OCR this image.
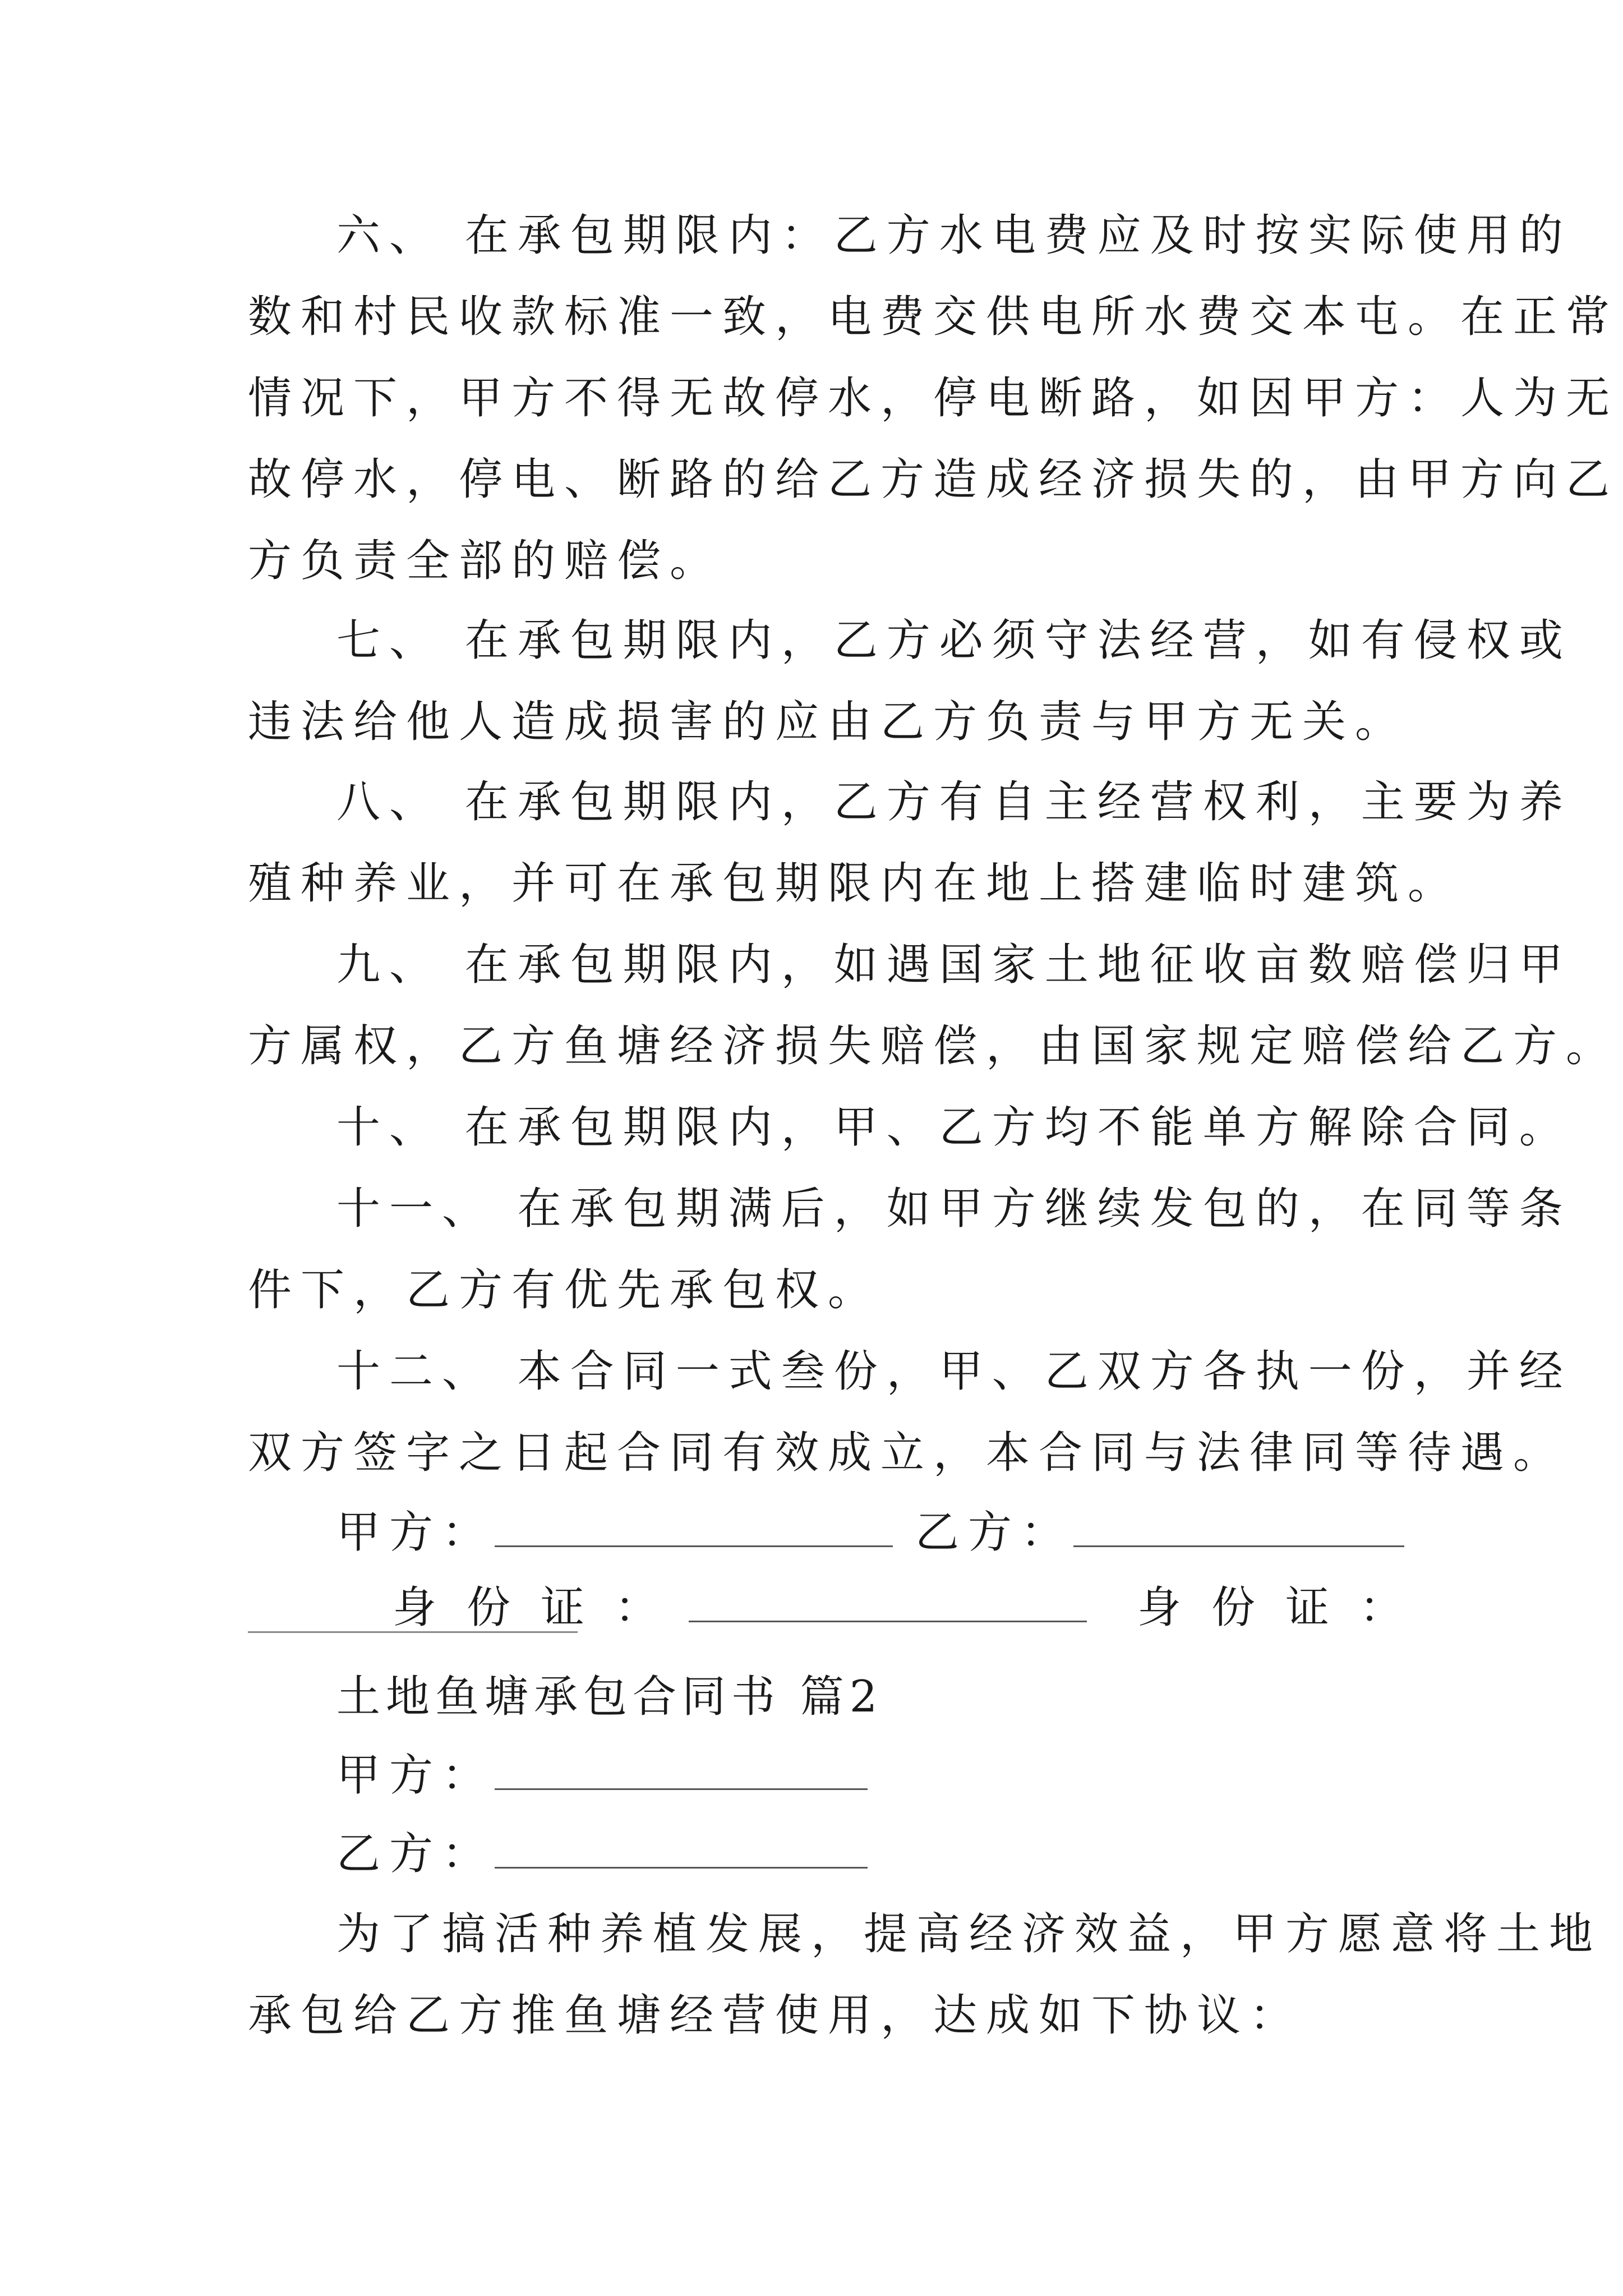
六、 在承包期限内：乙方水电费应及时按实际使用的
数和村民收款标准一致，电费交供电所水费交本屯。在正常
情况下，甲方不得无故停水，停电断路，如因甲方：人为无
故停水，停电、断路的给乙方造成经济损失的，由甲方向乙
方负责全部的赔偿。
七、 在承包期限内，乙方必须守法经营，如有侵权或
违法给他人造成损害的应由乙方负责与甲方无关。
八、 在承包期限内，乙方有自主经营权利，主要为养
殖种养业，并可在承包期限内在地上搭建临时建筑。
九、 在承包期限内，如遇国家土地征收亩数赔偿归甲
方属权，乙方鱼塘经济损失赔偿，由国家规定赔偿给乙方。
十、 在承包期限内，甲、乙方均不能单方解除合同。
十一、 在承包期满后，如甲方继续发包的，在同等条
件下，乙方有优先承包权。
十二、 本合同一式叁份，甲、乙双方各执一份，并经
双方签字之日起合同有效成立，本合同与法律同等待遇。
甲方：	乙方：
身份证：	身份证：
土地鱼塘承包合同书 篇2
甲方：
乙方：
为了搞活种养植发展，提高经济效益，甲方愿意将土地
承包给乙方推鱼塘经营使用，达成如下协议：
